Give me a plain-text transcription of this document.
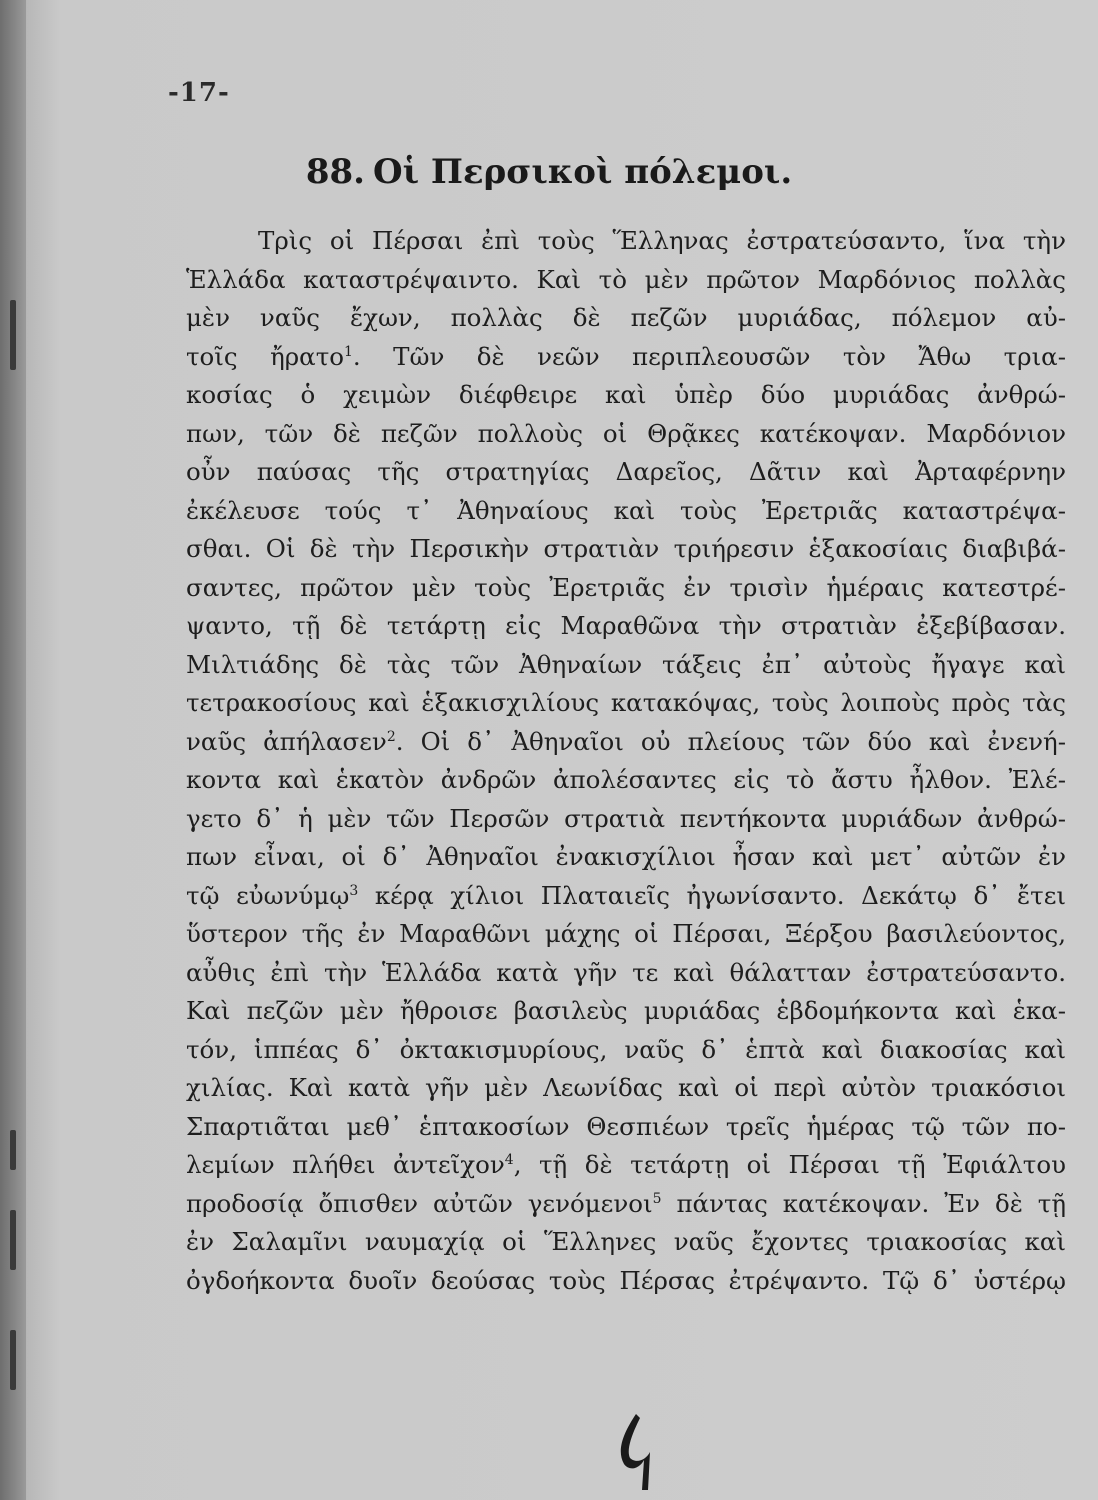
-17-
88. Οἱ Περσικοὶ πόλεμοι.
Τρὶς οἱ Πέρσαι ἐπὶ τοὺς Ἕλληνας ἐστρατεύσαντο, ἵνα τὴν
Ἑλλάδα καταστρέψαιντο. Καὶ τὸ μὲν πρῶτον Μαρδόνιος πολλὰς
μὲν ναῦς ἔχων, πολλὰς δὲ πεζῶν μυριάδας, πόλεμον αὐ-
τοῖς ἤρατο$^1$. Τῶν δὲ νεῶν περιπλεουσῶν τὸν Ἄθω τρια-
κοσίας ὁ χειμὼν διέφθειρε καὶ ὑπὲρ δύο μυριάδας ἀνθρώ-
πων, τῶν δὲ πεζῶν πολλοὺς οἱ Θρᾷκες κατέκοψαν. Μαρδόνιον
οὖν παύσας τῆς στρατηγίας Δαρεῖος, Δᾶτιν καὶ Ἀρταφέρνην
ἐκέλευσε τούς τ᾽ Ἀθηναίους καὶ τοὺς Ἐρετριᾶς καταστρέψα-
σθαι. Οἱ δὲ τὴν Περσικὴν στρατιὰν τριήρεσιν ἑξακοσίαις διαβιβά-
σαντες, πρῶτον μὲν τοὺς Ἐρετριᾶς ἐν τρισὶν ἡμέραις κατεστρέ-
ψαντο, τῇ δὲ τετάρτῃ εἰς Μαραθῶνα τὴν στρατιὰν ἐξεβίβασαν.
Μιλτιάδης δὲ τὰς τῶν Ἀθηναίων τάξεις ἐπ᾽ αὐτοὺς ἤγαγε καὶ
τετρακοσίους καὶ ἑξακισχιλίους κατακόψας, τοὺς λοιποὺς πρὸς τὰς
ναῦς ἀπήλασεν$^2$. Οἱ δ᾽ Ἀθηναῖοι οὐ πλείους τῶν δύο καὶ ἐνενή-
κοντα καὶ ἑκατὸν ἀνδρῶν ἀπολέσαντες εἰς τὸ ἄστυ ἦλθον. Ἐλέ-
γετο δ᾽ ἡ μὲν τῶν Περσῶν στρατιὰ πεντήκοντα μυριάδων ἀνθρώ-
πων εἶναι, οἱ δ᾽ Ἀθηναῖοι ἐνακισχίλιοι ἦσαν καὶ μετ᾽ αὐτῶν ἐν
τῷ εὐωνύμῳ$^3$ κέρᾳ χίλιοι Πλαταιεῖς ἠγωνίσαντο. Δεκάτῳ δ᾽ ἔτει
ὕστερον τῆς ἐν Μαραθῶνι μάχης οἱ Πέρσαι, Ξέρξου βασιλεύοντος,
αὖθις ἐπὶ τὴν Ἑλλάδα κατὰ γῆν τε καὶ θάλατταν ἐστρατεύσαντο.
Καὶ πεζῶν μὲν ἤθροισε βασιλεὺς μυριάδας ἑβδομήκοντα καὶ ἑκα-
τόν, ἱππέας δ᾽ ὀκτακισμυρίους, ναῦς δ᾽ ἑπτὰ καὶ διακοσίας καὶ
χιλίας. Καὶ κατὰ γῆν μὲν Λεωνίδας καὶ οἱ περὶ αὐτὸν τριακόσιοι
Σπαρτιᾶται μεθ᾽ ἑπτακοσίων Θεσπιέων τρεῖς ἡμέρας τῷ τῶν πο-
λεμίων πλήθει ἀντεῖχον$^4$, τῇ δὲ τετάρτῃ οἱ Πέρσαι τῇ Ἐφιάλτου
προδοσίᾳ ὄπισθεν αὐτῶν γενόμενοι$^5$ πάντας κατέκοψαν. Ἐν δὲ τῇ
ἐν Σαλαμῖνι ναυμαχίᾳ οἱ Ἕλληνες ναῦς ἔχοντες τριακοσίας καὶ
ὀγδοήκοντα δυοῖν δεούσας τοὺς Πέρσας ἐτρέψαντο. Τῷ δ᾽ ὑστέρῳ
